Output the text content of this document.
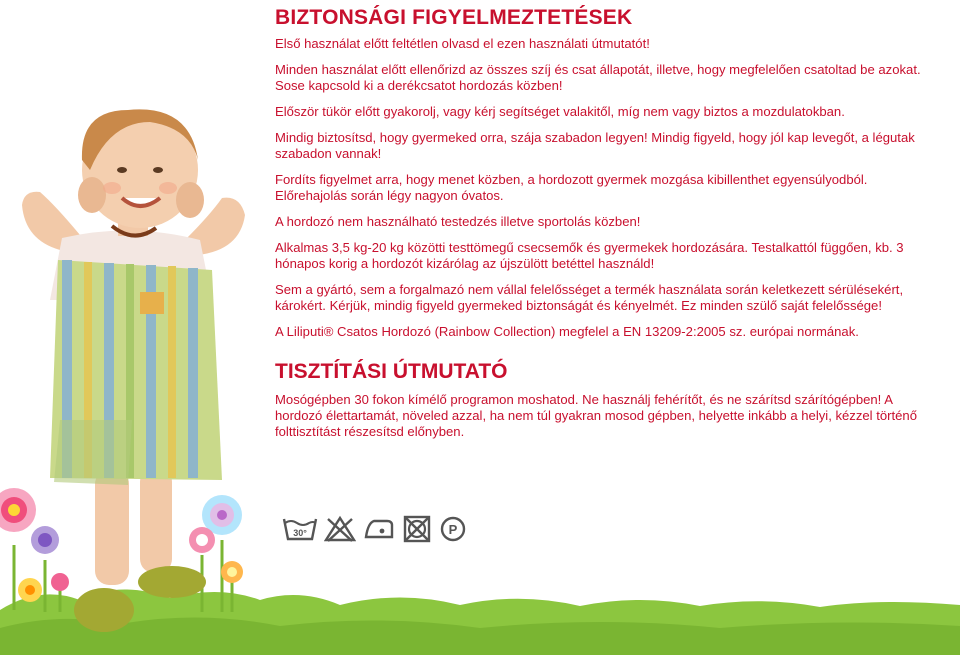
BIZTONSÁGI FIGYELMEZTETÉSEK

Első használat előtt feltétlen olvasd el ezen használati útmutatót!

Minden használat előtt ellenőrizd az összes szíj és csat állapotát, illetve, hogy megfelelően csatoltad be azokat. Sose kapcsold ki a derékcsatot hordozás közben!

Először tükör előtt gyakorolj, vagy kérj segítséget valakitől, míg nem vagy biztos a mozdulatokban.

Mindig biztosítsd, hogy gyermeked orra, szája szabadon legyen! Mindig figyeld, hogy jól kap levegőt, a légutak szabadon vannak!

Fordíts figyelmet arra, hogy menet közben, a hordozott gyermek mozgása kibillenthet egyensúlyodból. Előrehajolás során légy nagyon óvatos.

A hordozó nem használható testedzés illetve sportolás közben!

Alkalmas 3,5 kg-20 kg közötti testtömegű csecsemők és gyermekek hordozására. Testalkattól függően, kb. 3 hónapos korig a hordozót kizárólag az újszülött betéttel használd!

Sem a gyártó, sem a forgalmazó nem vállal felelősséget a termék használata során keletkezett sérülésekért, károkért. Kérjük, mindig figyeld gyermeked biztonságát és kényelmét. Ez minden szülő saját felelőssége!

A Liliputi® Csatos Hordozó (Rainbow Collection) megfelel a EN 13209-2:2005 sz. európai normának.

TISZTÍTÁSI ÚTMUTATÓ

Mosógépben 30 fokon kímélő programon moshatod. Ne használj fehérítőt, és ne szárítsd szárítógépben! A hordozó élettartamát, növeled azzal, ha nem túl gyakran mosod gépben, helyette inkább a helyi, kézzel történő folttisztítást részesítsd előnyben.

30°	P
